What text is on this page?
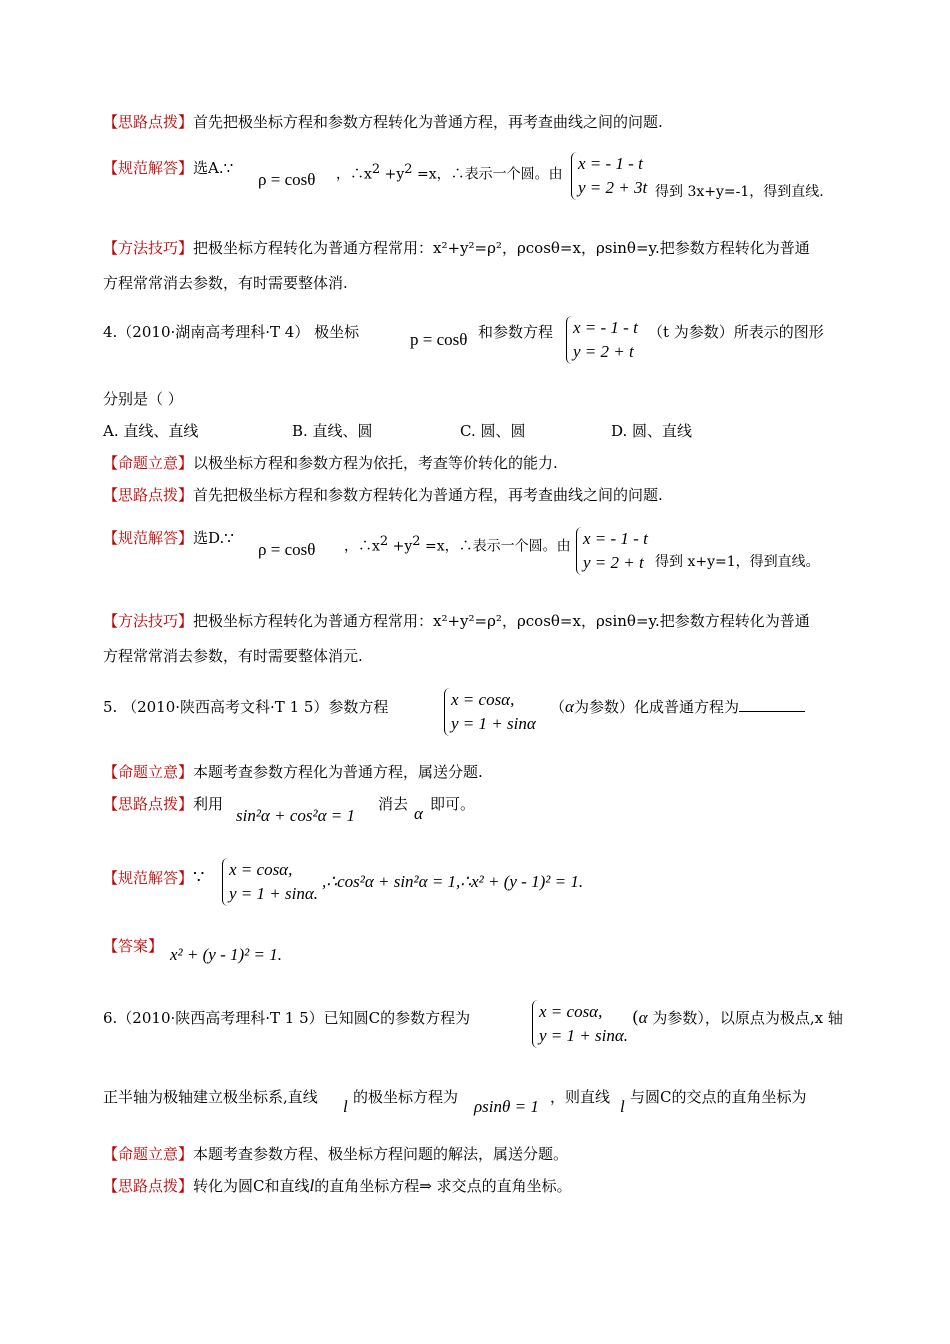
【思路点拨】首先把极坐标方程和参数方程转化为普通方程，再考查曲线之间的问题.
【规范解答】选A.∵
ρ = cosθ ，$\therefore x^2 +y^2 =x$，∴表示一个圆。由
x = - 1 - t
y = 2 + 3t 得到 3x+y=-1，得到直线.
【方法技巧】把极坐标方程转化为普通方程常用：x²+y²=ρ²，ρcosθ=x，ρsinθ=y.把参数方程转化为普通
方程常常消去参数，有时需要整体消.
4.（2010·湖南高考理科·T 4） 极坐标	p = cosθ 和参数方程 x = - 1 - t
y = 2 + t
（t 为参数）所表示的图形
分别是（ ）
A. 直线、直线	B. 直线、圆	C. 圆、圆	D. 圆、直线
【命题立意】以极坐标方程和参数方程为依托，考查等价转化的能力.
【思路点拨】首先把极坐标方程和参数方程转化为普通方程，再考查曲线之间的问题.
【规范解答】选D.∵
ρ = cosθ ，$\therefore x^2 +y^2 =x$，∴表示一个圆。由 x = - 1 - t
y = 2 + t 得到 x+y=1，得到直线。
【方法技巧】把极坐标方程转化为普通方程常用：x²+y²=ρ²，ρcosθ=x，ρsinθ=y.把参数方程转化为普通
方程常常消去参数，有时需要整体消元.
5. （2010·陕西高考文科·T 1 5）参数方程	x = cosα,
y = 1 + sinα
（α为参数）化成普通方程为
【命题立意】本题考查参数方程化为普通方程，属送分题.
【思路点拨】利用
sin²α + cos²α = 1
消去 α 即可。
【规范解答】∵ x = cosα,
y = 1 + sinα.
,∴cos²α + sin²α = 1,∴x² + (y - 1)² = 1.
【答案】 x² + (y - 1)² = 1.
6.（2010·陕西高考理科·T 1 5）已知圆C的参数方程为	x = cosα,
y = 1 + sinα.
(α 为参数），以原点为极点,x 轴
正半轴为极轴建立极坐标系,直线 l 的极坐标方程为 ρsinθ = 1 ，则直线 l 与圆C的交点的直角坐标为
【命题立意】本题考查参数方程、极坐标方程问题的解法，属送分题。
【思路点拨】转化为圆C和直线l的直角坐标方程⇒ 求交点的直角坐标。
